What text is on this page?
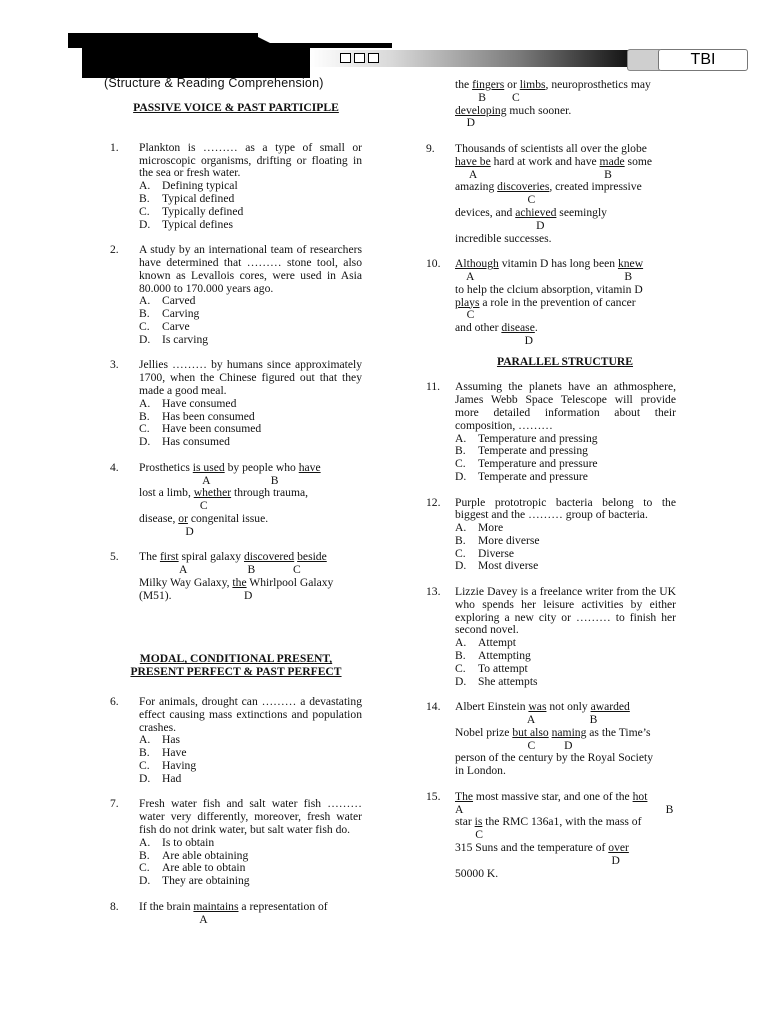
TBI
(Structure & Reading Comprehension)
PASSIVE VOICE & PAST PARTICIPLE
1.	Plankton is ……… as a type of small or microscopic organisms, drifting or floating in the sea or fresh water.
A.	Defining typical
B.	Typical defined
C.	Typically defined
D.	Typical defines
2.	A study by an international team of researchers have determined that ……… stone tool, also known as Levallois cores, were used in Asia 80.000 to 170.000 years ago.
A.	Carved
B.	Carving
C.	Carve
D.	Is carving
3.	Jellies ……… by humans since approximately 1700, when the Chinese figured out that they made a good meal.
A.	Have consumed
B.	Has been consumed
C.	Have been consumed
D.	Has consumed
4.	Prosthetics is used by people who have
A                     B
lost a limb, whether through trauma,
C
disease, or congenital issue.
D
5.	The first spiral galaxy discovered beside
A                     B             C
Milky Way Galaxy, the Whirlpool Galaxy
(M51).                         D
MODAL, CONDITIONAL PRESENT,
PRESENT PERFECT & PAST PERFECT
6.	For animals, drought can ……… a devastating effect causing mass extinctions and population crashes.
A.	Has
B.	Have
C.	Having
D.	Had
7.	Fresh water fish and salt water fish ……… water very differently, moreover, fresh water fish do not drink water, but salt water fish do.
A.	Is to obtain
B.	Are able obtaining
C.	Are able to obtain
D.	They are obtaining
8.	If the brain maintains a representation of
A
the fingers or limbs, neuroprosthetics may
B         C
developing much sooner.
D
9.	Thousands of scientists all over the globe
have be hard at work and have made some
A                                            B
amazing discoveries, created impressive
C
devices, and achieved seemingly
D
incredible successes.
10.	Although vitamin D has long been knew
A                                                    B
to help the clcium absorption, vitamin D
plays a role in the prevention of cancer
C
and other disease.
D
PARALLEL STRUCTURE
11.	Assuming the planets have an athmosphere, James Webb Space Telescope will provide more detailed information about their composition, ………
A.	Temperature and pressing
B.	Temperate and pressing
C.	Temperature and pressure
D.	Temperate and pressure
12.	Purple prototropic bacteria belong to the biggest and the ……… group of bacteria.
A.	More
B.	More diverse
C.	Diverse
D.	Most diverse
13.	Lizzie Davey is a freelance writer from the UK who spends her leisure activities by either exploring a new city or ……… to finish her second novel.
A.	Attempt
B.	Attempting
C.	To attempt
D.	She attempts
14.	Albert Einstein was not only awarded
A                   B
Nobel prize but also naming as the Time’s
C          D
person of the century by the Royal Society
in London.
15.	The most massive star, and one of the hot
A                                                                      B
star is the RMC 136a1, with the mass of
C
315 Suns and the temperature of over
D
50000 K.
